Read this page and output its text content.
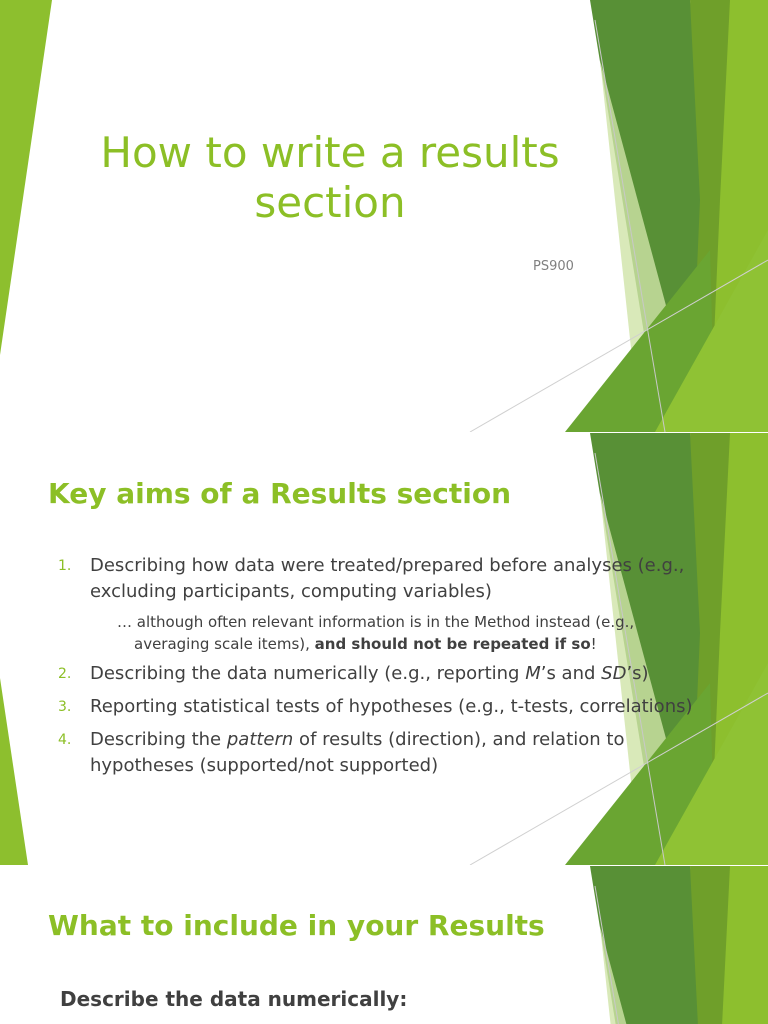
How to write a results section
PS900
Key aims of a Results section
1. Describing how data were treated/prepared before analyses (e.g., excluding participants, computing variables)
… although often relevant information is in the Method instead (e.g., averaging scale items), and should not be repeated if so!
2. Describing the data numerically (e.g., reporting M’s and SD’s)
3. Reporting statistical tests of hypotheses (e.g., t-tests, correlations)
4. Describing the pattern of results (direction), and relation to hypotheses (supported/not supported)
What to include in your Results
Describe the data numerically:
